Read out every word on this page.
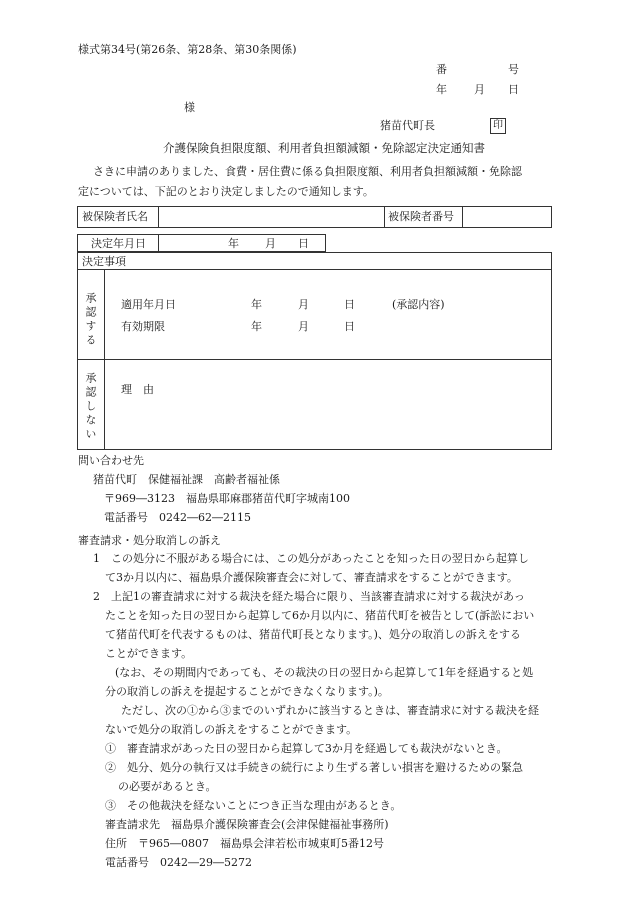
様式第34号(第26条、第28条、第30条関係)
番	号
年 月 日
様
猪苗代町長	印
介護保険負担限度額、利用者負担額減額・免除認定決定通知書
さきに申請のありました、食費・居住費に係る負担限度額、利用者負担額減額・免除認
定については、下記のとおり決定しましたので通知します。
被保険者氏名	被保険者番号
決定年月日	年 月 日
決定事項
承認する 適用年月日	年	月	日	(承認内容)
有効期限	年	月	日
承認しない 理　由
問い合わせ先
猪苗代町　保健福祉課　高齢者福祉係
〒969―3123　福島県耶麻郡猪苗代町字城南100
電話番号　0242―62―2115
審査請求・処分取消しの訴え
1　この処分に不服がある場合には、この処分があったことを知った日の翌日から起算し
て3か月以内に、福島県介護保険審査会に対して、審査請求をすることができます。
2　上記1の審査請求に対する裁決を経た場合に限り、当該審査請求に対する裁決があっ
たことを知った日の翌日から起算して6か月以内に、猪苗代町を被告として(訴訟におい
て猪苗代町を代表するものは、猪苗代町長となります。)、処分の取消しの訴えをする
ことができます。
(なお、その期間内であっても、その裁決の日の翌日から起算して1年を経過すると処
分の取消しの訴えを提起することができなくなります。)。
ただし、次の①から③までのいずれかに該当するときは、審査請求に対する裁決を経
ないで処分の取消しの訴えをすることができます。
①　審査請求があった日の翌日から起算して3か月を経過しても裁決がないとき。
②　処分、処分の執行又は手続きの続行により生ずる著しい損害を避けるための緊急
の必要があるとき。
③　その他裁決を経ないことにつき正当な理由があるとき。
審査請求先　福島県介護保険審査会(会津保健福祉事務所)
住所　〒965―0807　福島県会津若松市城東町5番12号
電話番号　0242―29―5272
